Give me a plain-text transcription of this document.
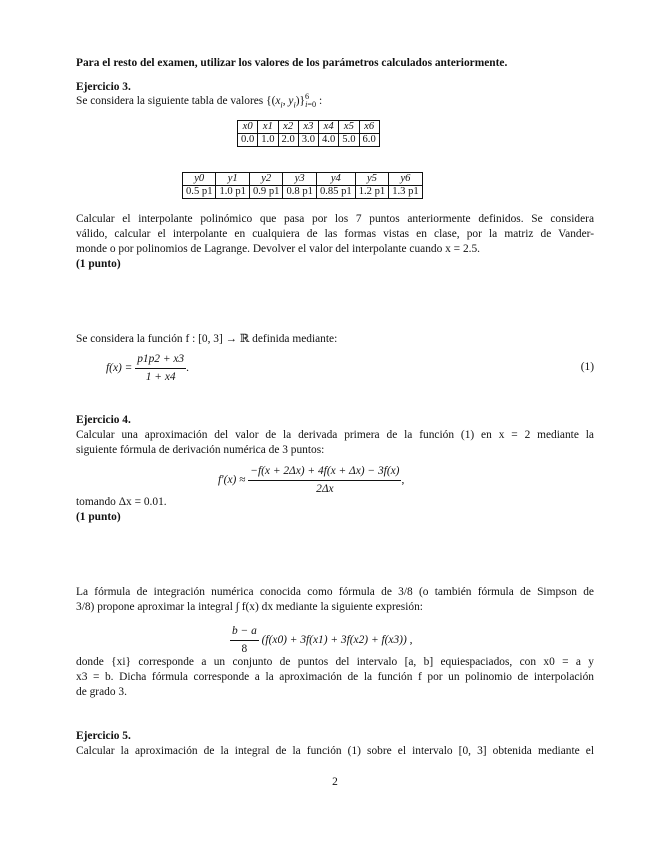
Para el resto del examen, utilizar los valores de los parámetros calculados anteriormente.
Ejercicio 3.
Se considera la siguiente tabla de valores {($x_i$, $y_i)\}^6_{i=0}$ :
x0	x1	x2	x3	x4	x5	x6
0.0	1.0	2.0	3.0	4.0	5.0	6.0
y0	y1	y2	y3	y4	y5	y6
0.5 p1	1.0 p1	0.9 p1	0.8 p1	0.85 p1	1.2 p1	1.3 p1
Calcular el interpolante polinómico que pasa por los 7 puntos anteriormente definidos. Se considera
válido, calcular el interpolante en cualquiera de las formas vistas en clase, por la matriz de Vander-
monde o por polinomios de Lagrange. Devolver el valor del interpolante cuando x = 2.5.
(1 punto)
Se considera la función f : [0, 3] → ℝ definida mediante:
$f(x) = \frac{p1p2 + x3}{1 + x4}$ .	(1)
Ejercicio 4.
Calcular una aproximación del valor de la derivada primera de la función (1) en x = 2 mediante la
siguiente fórmula de derivación numérica de 3 puntos:
$f'(x) \approx \frac{-f(x + 2\Delta x) + 4f(x + \Delta x) - 3f(x)}{2\Delta x}$ ,
tomando Δx = 0.01.
(1 punto)
La fórmula de integración numérica conocida como fórmula de 3/8 (o también fórmula de Simpson de
3/8) propone aproximar la integral ∫ f(x) dx mediante la siguiente expresión:
$\frac{b - a}{8} (f(x0) + 3f(x1) + 3f(x2) + f(x3))$ ,
donde {xi} corresponde a un conjunto de puntos del intervalo [a, b] equiespaciados, con x0 = a y
x3 = b. Dicha fórmula corresponde a la aproximación de la función f por un polinomio de interpolación
de grado 3.
Ejercicio 5.
Calcular la aproximación de la integral de la función (1) sobre el intervalo [0, 3] obtenida mediante el
2
